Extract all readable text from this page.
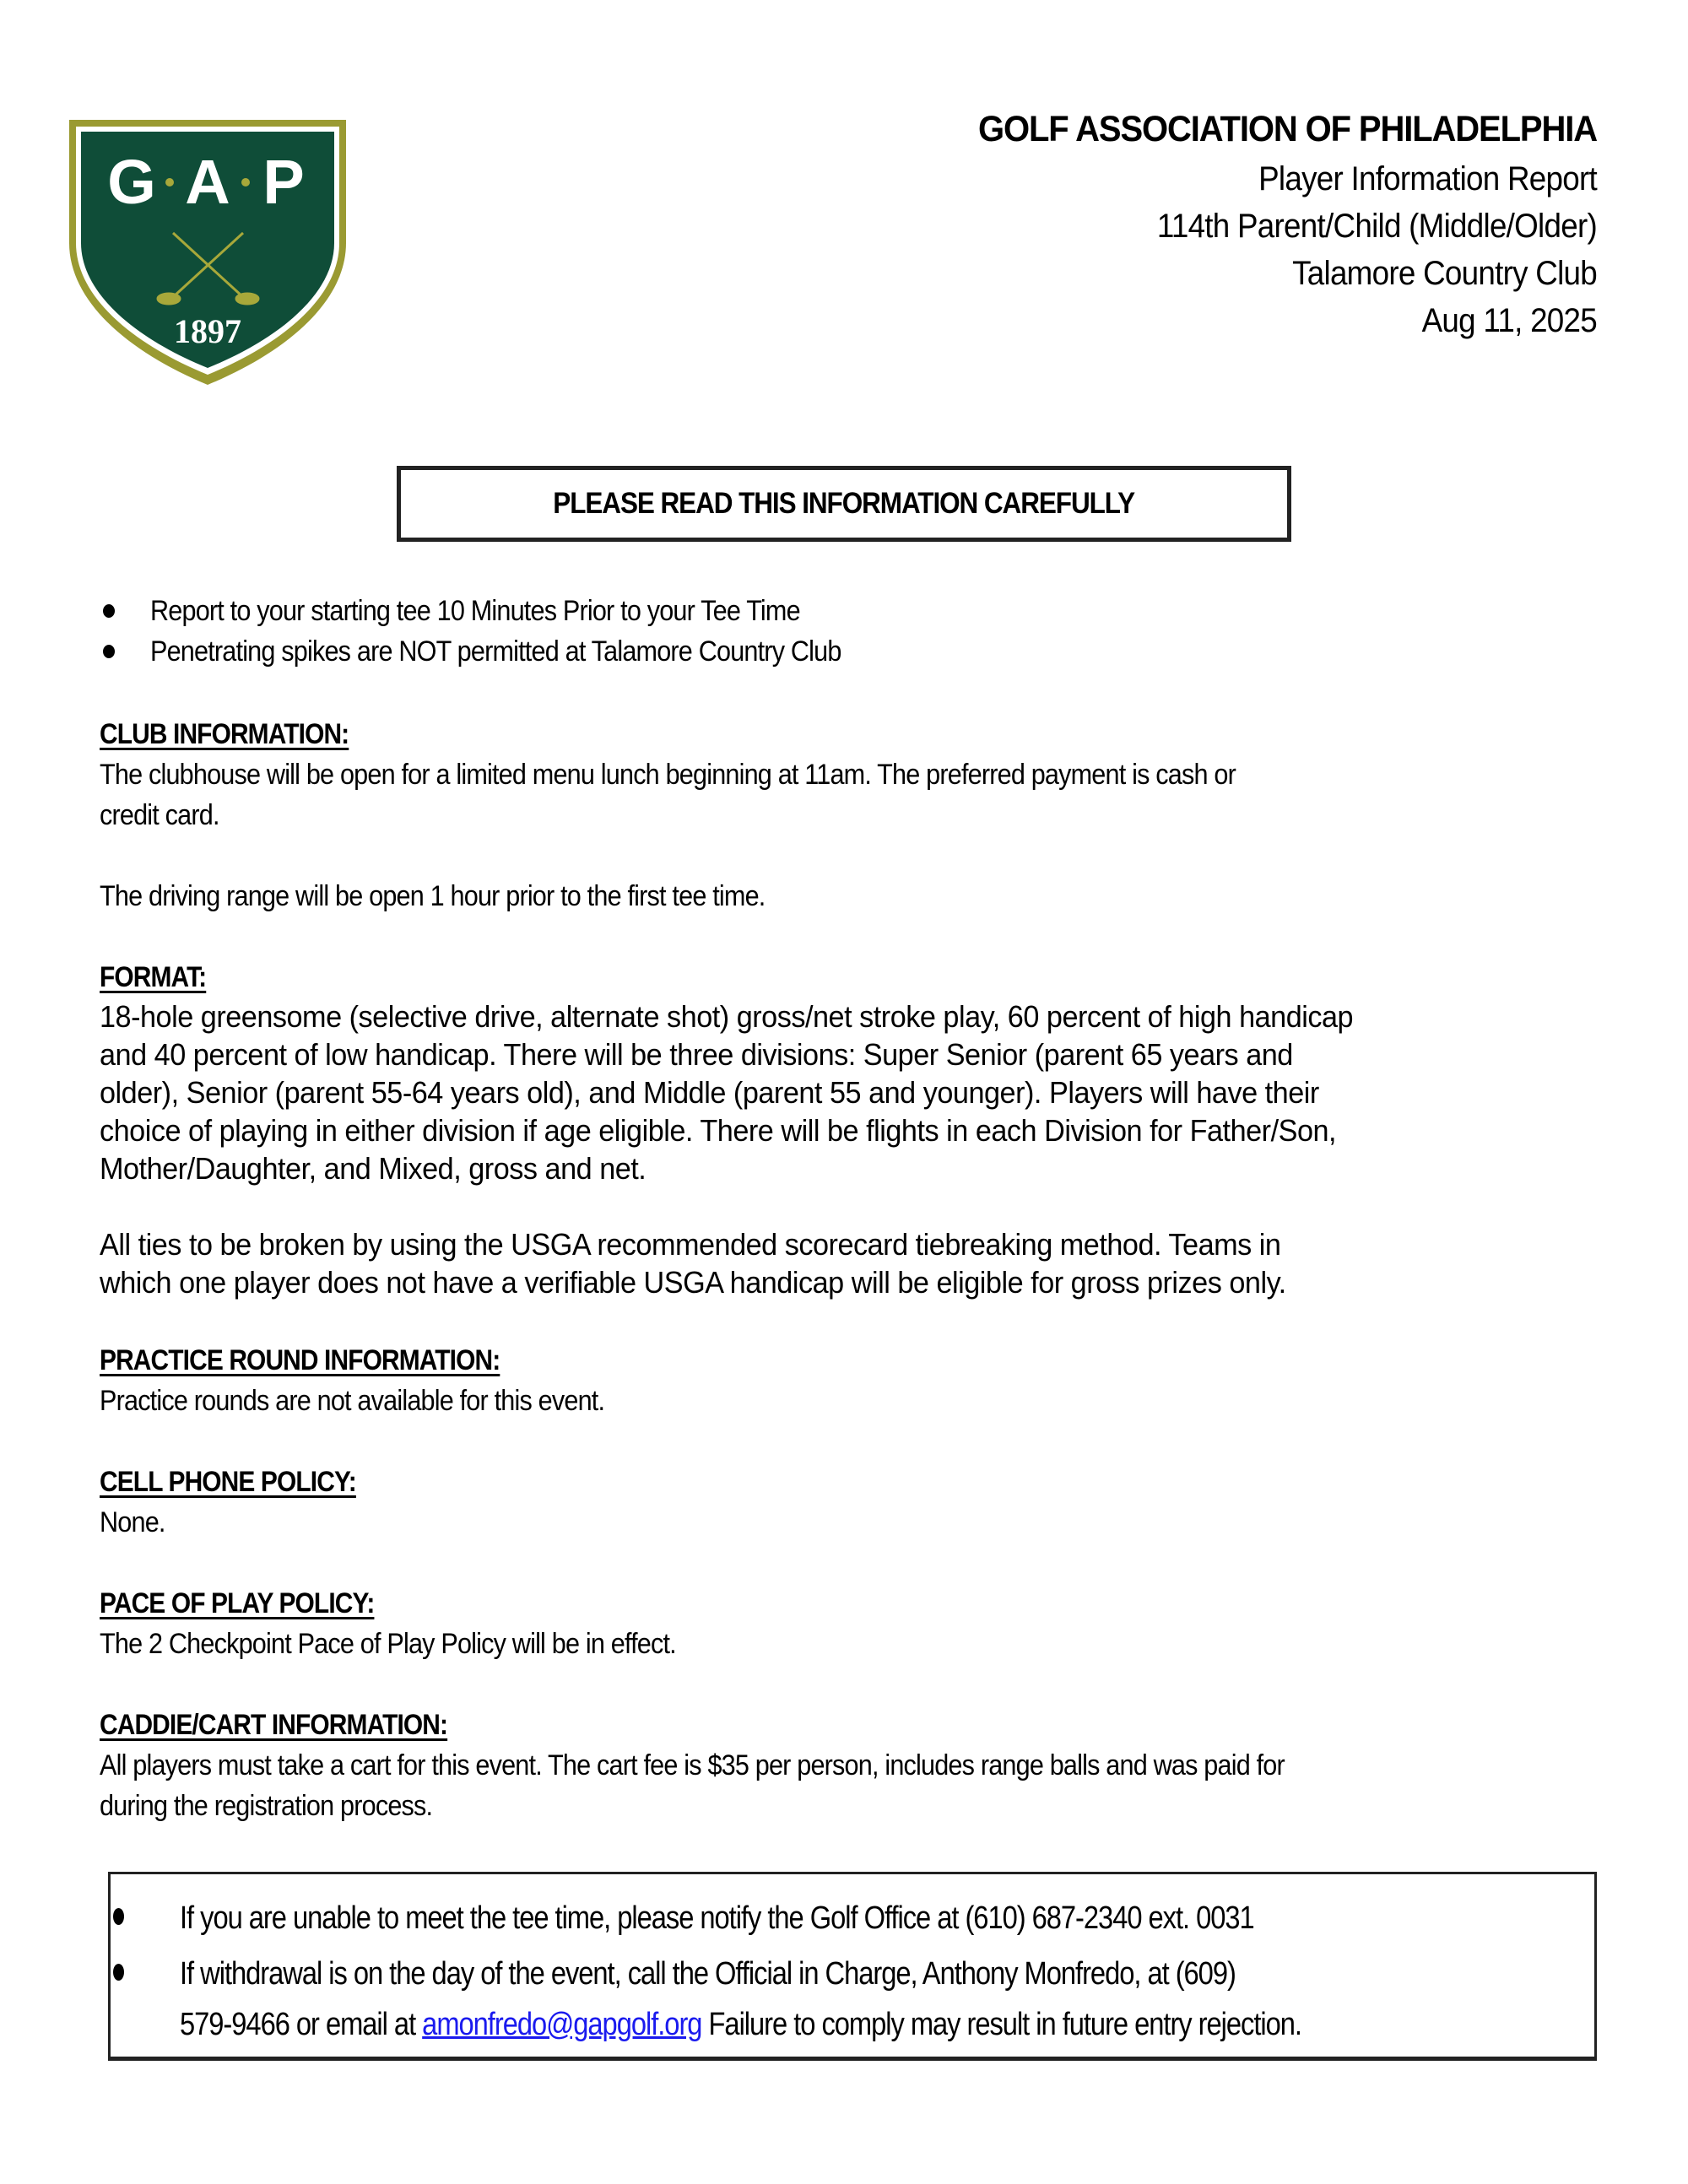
G A P
1897
GOLF ASSOCIATION OF PHILADELPHIA
Player Information Report
114th Parent/Child (Middle/Older)
Talamore Country Club
Aug 11, 2025
PLEASE READ THIS INFORMATION CAREFULLY
Report to your starting tee 10 Minutes Prior to your Tee Time
Penetrating spikes are NOT permitted at Talamore Country Club
CLUB INFORMATION:
The clubhouse will be open for a limited menu lunch beginning at 11am. The preferred payment is cash or
credit card.
The driving range will be open 1 hour prior to the first tee time.
FORMAT:
18-hole greensome (selective drive, alternate shot) gross/net stroke play, 60 percent of high handicap
and 40 percent of low handicap. There will be three divisions: Super Senior (parent 65 years and
older), Senior (parent 55-64 years old), and Middle (parent 55 and younger). Players will have their
choice of playing in either division if age eligible. There will be flights in each Division for Father/Son,
Mother/Daughter, and Mixed, gross and net.
All ties to be broken by using the USGA recommended scorecard tiebreaking method. Teams in
which one player does not have a verifiable USGA handicap will be eligible for gross prizes only.
PRACTICE ROUND INFORMATION:
Practice rounds are not available for this event.
CELL PHONE POLICY:
None.
PACE OF PLAY POLICY:
The 2 Checkpoint Pace of Play Policy will be in effect.
CADDIE/CART INFORMATION:
All players must take a cart for this event. The cart fee is $35 per person, includes range balls and was paid for
during the registration process.
If you are unable to meet the tee time, please notify the Golf Office at (610) 687-2340 ext. 0031
If withdrawal is on the day of the event, call the Official in Charge, Anthony Monfredo, at (609)
579-9466 or email at amonfredo@gapgolf.org Failure to comply may result in future entry rejection.
